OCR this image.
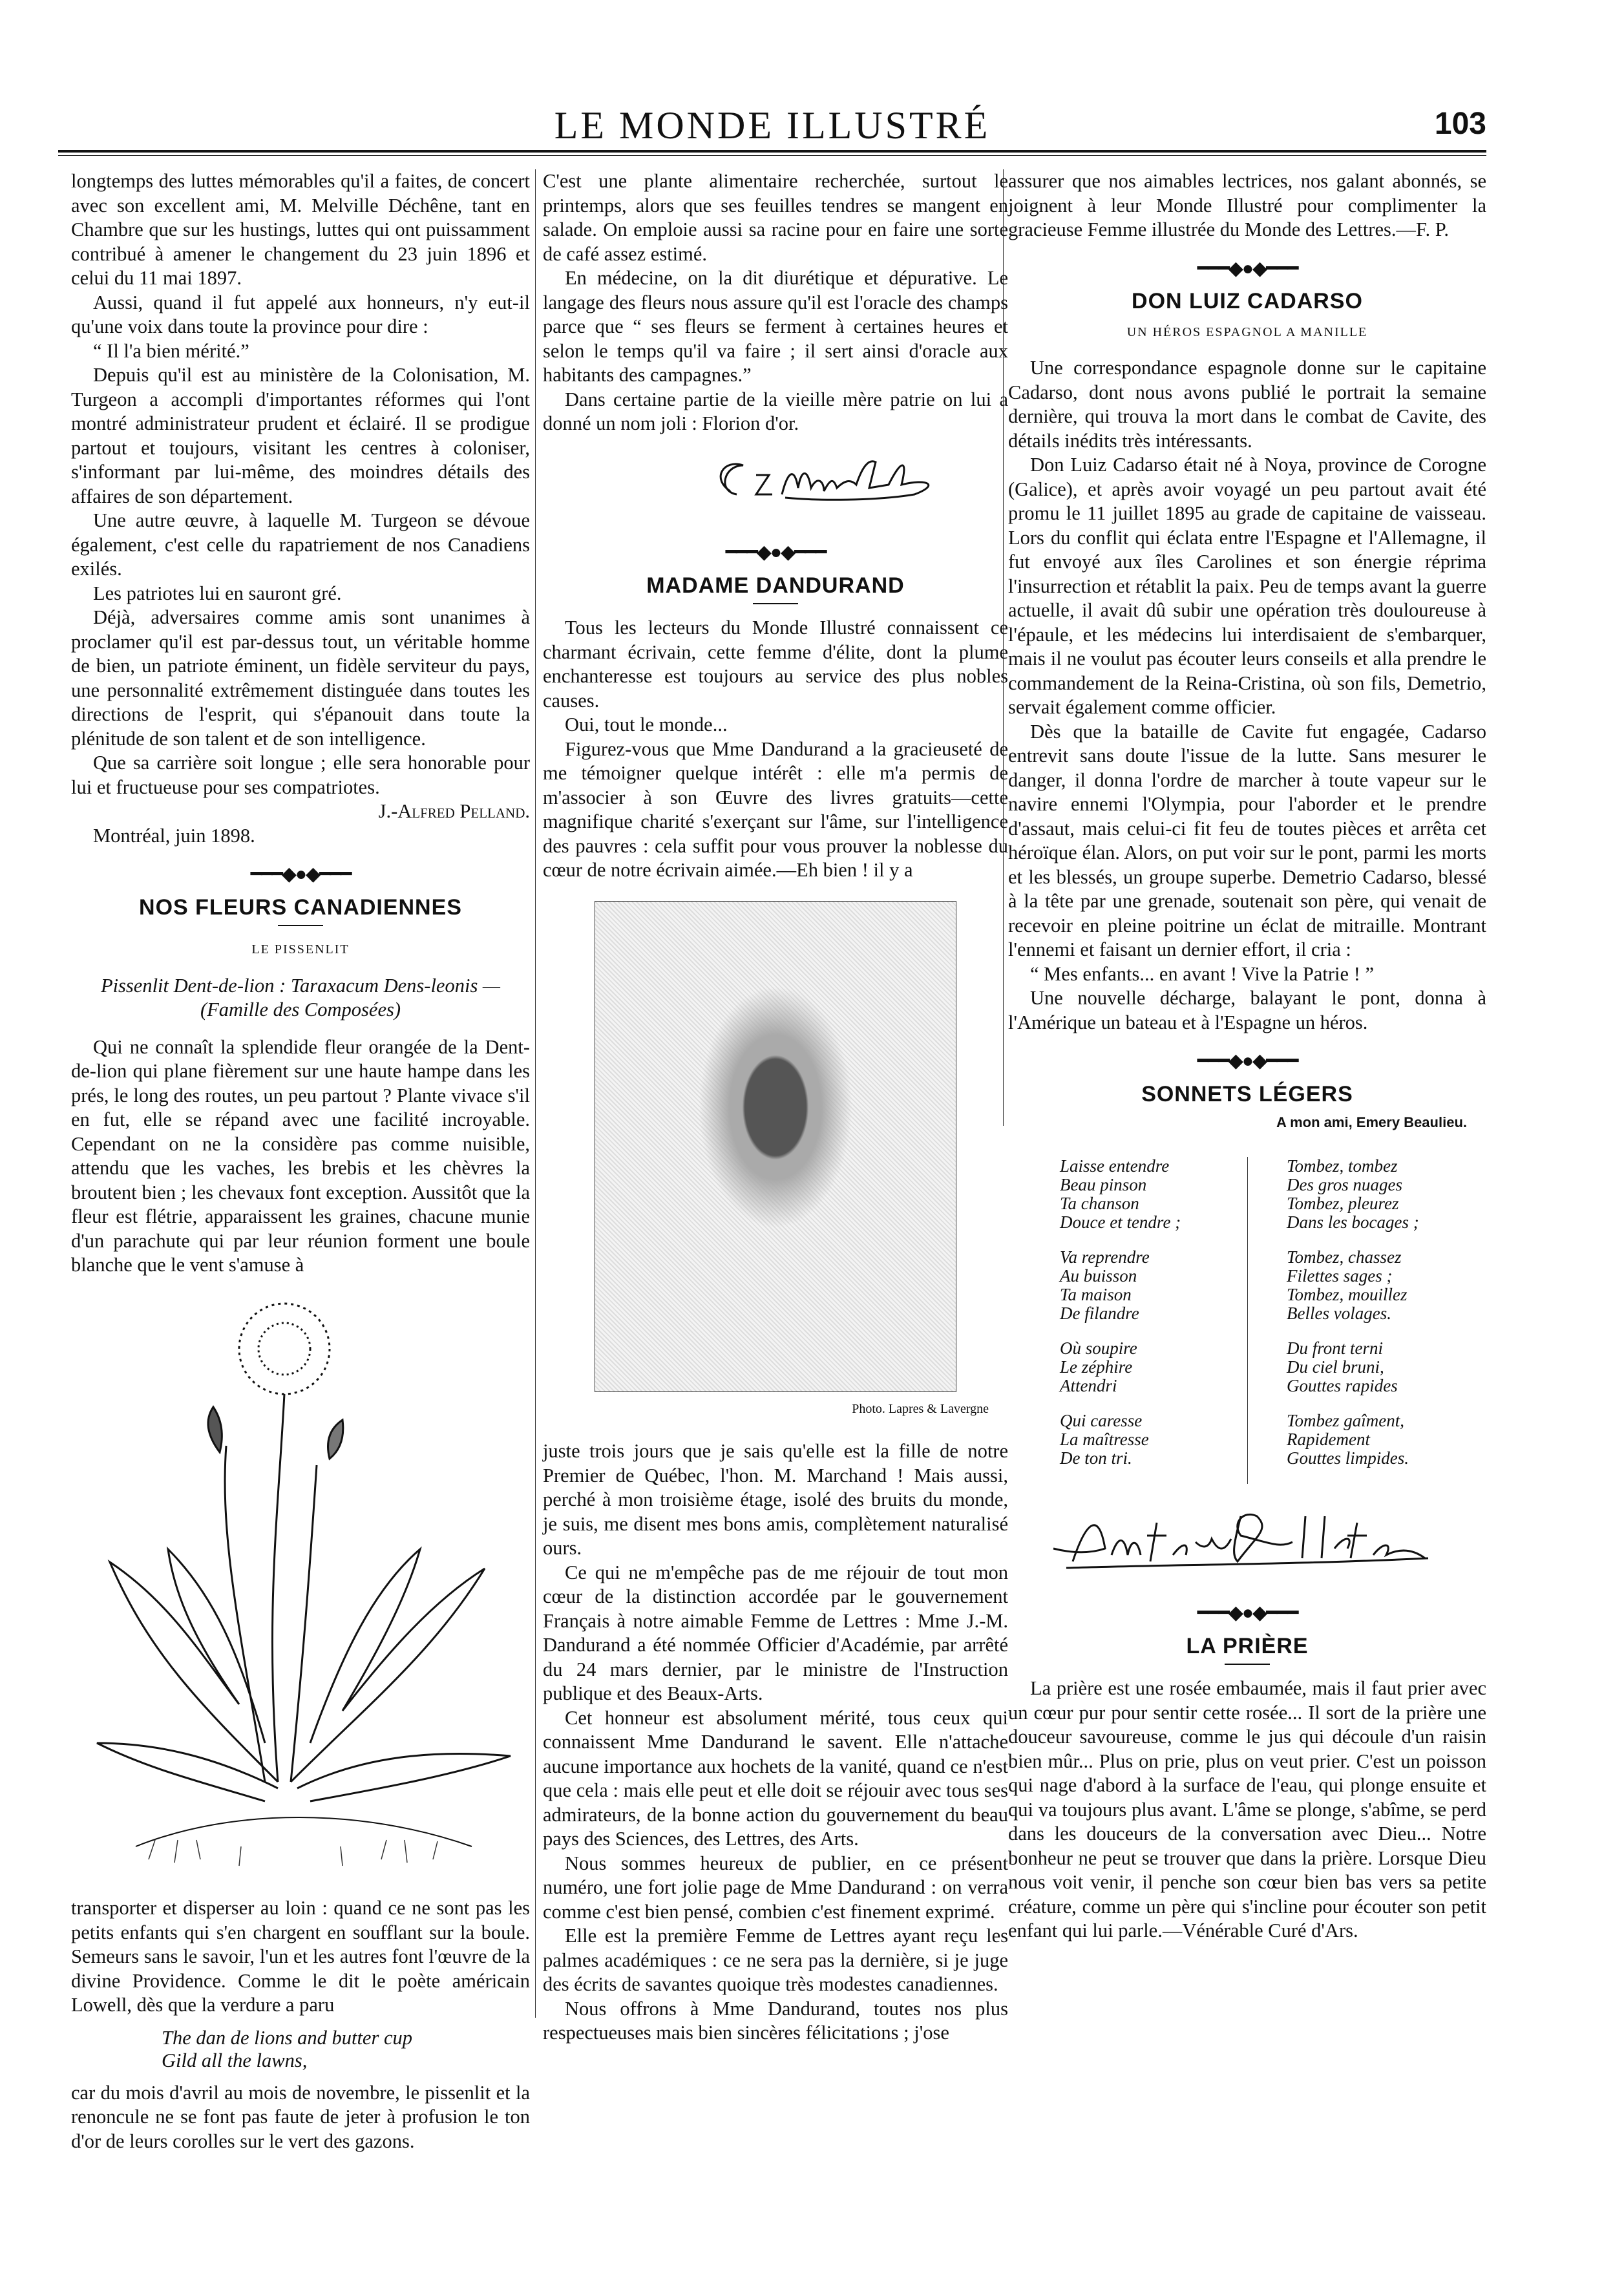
LE MONDE ILLUSTRÉ	103

longtemps des luttes mémorables qu'il a faites, de concert avec son excellent ami, M. Melville Déchêne, tant en Chambre que sur les hustings, luttes qui ont puissamment contribué à amener le changement du 23 juin 1896 et celui du 11 mai 1897.

Aussi, quand il fut appelé aux honneurs, n'y eut-il qu'une voix dans toute la province pour dire :

“ Il l'a bien mérité.”

Depuis qu'il est au ministère de la Colonisation, M. Turgeon a accompli d'importantes réformes qui l'ont montré administrateur prudent et éclairé. Il se prodigue partout et toujours, visitant les centres à coloniser, s'informant par lui-même, des moindres détails des affaires de son département.

Une autre œuvre, à laquelle M. Turgeon se dévoue également, c'est celle du rapatriement de nos Canadiens exilés.

Les patriotes lui en sauront gré.

Déjà, adversaires comme amis sont unanimes à proclamer qu'il est par-dessus tout, un véritable homme de bien, un patriote éminent, un fidèle serviteur du pays, une personnalité extrêmement distinguée dans toutes les directions de l'esprit, qui s'épanouit dans toute la plénitude de son talent et de son intelligence.

Que sa carrière soit longue ; elle sera honorable pour lui et fructueuse pour ses compatriotes.

J.-Alfred Pelland.
Montréal, juin 1898.
━━━◆●◆━━━
NOS FLEURS CANADIENNES
LE PISSENLIT
Pissenlit Dent-de-lion : Taraxacum Dens-leonis —
(Famille des Composées)

Qui ne connaît la splendide fleur orangée de la Dent-de-lion qui plane fièrement sur une haute hampe dans les prés, le long des routes, un peu partout ? Plante vivace s'il en fut, elle se répand avec une facilité incroyable. Cependant on ne la considère pas comme nuisible, attendu que les vaches, les brebis et les chèvres la broutent bien ; les chevaux font exception. Aussitôt que la fleur est flétrie, apparaissent les graines, chacune munie d'un parachute qui par leur réunion forment une boule blanche que le vent s'amuse à

transporter et disperser au loin : quand ce ne sont pas les petits enfants qui s'en chargent en soufflant sur la boule. Semeurs sans le savoir, l'un et les autres font l'œuvre de la divine Providence. Comme le dit le poète américain Lowell, dès que la verdure a paru

The dan de lions and butter cup
Gild all the lawns,

car du mois d'avril au mois de novembre, le pissenlit et la renoncule ne se font pas faute de jeter à profusion le ton d'or de leurs corolles sur le vert des gazons.

C'est une plante alimentaire recherchée, surtout le printemps, alors que ses feuilles tendres se mangent en salade. On emploie aussi sa racine pour en faire une sorte de café assez estimé.

En médecine, on la dit diurétique et dépurative. Le langage des fleurs nous assure qu'il est l'oracle des champs parce que “ ses fleurs se ferment à certaines heures et selon le temps qu'il va faire ; il sert ainsi d'oracle aux habitants des campagnes.”

Dans certaine partie de la vieille mère patrie on lui a donné un nom joli : Florion d'or.

━━━◆●◆━━━
MADAME DANDURAND

Tous les lecteurs du Monde Illustré connaissent ce charmant écrivain, cette femme d'élite, dont la plume enchanteresse est toujours au service des plus nobles causes.

Oui, tout le monde...

Figurez-vous que Mme Dandurand a la gracieuseté de me témoigner quelque intérêt : elle m'a permis de m'associer à son Œuvre des livres gratuits—cette magnifique charité s'exerçant sur l'âme, sur l'intelligence des pauvres : cela suffit pour vous prouver la noblesse du cœur de notre écrivain aimée.—Eh bien ! il y a

Photo. Lapres & Lavergne

juste trois jours que je sais qu'elle est la fille de notre Premier de Québec, l'hon. M. Marchand ! Mais aussi, perché à mon troisième étage, isolé des bruits du monde, je suis, me disent mes bons amis, complètement naturalisé ours.

Ce qui ne m'empêche pas de me réjouir de tout mon cœur de la distinction accordée par le gouvernement Français à notre aimable Femme de Lettres : Mme J.-M. Dandurand a été nommée Officier d'Académie, par arrêté du 24 mars dernier, par le ministre de l'Instruction publique et des Beaux-Arts.

Cet honneur est absolument mérité, tous ceux qui connaissent Mme Dandurand le savent. Elle n'attache aucune importance aux hochets de la vanité, quand ce n'est que cela : mais elle peut et elle doit se réjouir avec tous ses admirateurs, de la bonne action du gouvernement du beau pays des Sciences, des Lettres, des Arts.

Nous sommes heureux de publier, en ce présent numéro, une fort jolie page de Mme Dandurand : on verra comme c'est bien pensé, combien c'est finement exprimé.

Elle est la première Femme de Lettres ayant reçu les palmes académiques : ce ne sera pas la dernière, si je juge des écrits de savantes quoique très modestes canadiennes.

Nous offrons à Mme Dandurand, toutes nos plus respectueuses mais bien sincères félicitations ; j'ose

assurer que nos aimables lectrices, nos galant abonnés, se joignent à leur Monde Illustré pour complimenter la gracieuse Femme illustrée du Monde des Lettres.—F. P.

━━━◆●◆━━━
DON LUIZ CADARSO
UN HÉROS ESPAGNOL A MANILLE

Une correspondance espagnole donne sur le capitaine Cadarso, dont nous avons publié le portrait la semaine dernière, qui trouva la mort dans le combat de Cavite, des détails inédits très intéressants.

Don Luiz Cadarso était né à Noya, province de Corogne (Galice), et après avoir voyagé un peu partout avait été promu le 11 juillet 1895 au grade de capitaine de vaisseau. Lors du conflit qui éclata entre l'Espagne et l'Allemagne, il fut envoyé aux îles Carolines et son énergie réprima l'insurrection et rétablit la paix. Peu de temps avant la guerre actuelle, il avait dû subir une opération très douloureuse à l'épaule, et les médecins lui interdisaient de s'embarquer, mais il ne voulut pas écouter leurs conseils et alla prendre le commandement de la Reina-Cristina, où son fils, Demetrio, servait également comme officier.

Dès que la bataille de Cavite fut engagée, Cadarso entrevit sans doute l'issue de la lutte. Sans mesurer le danger, il donna l'ordre de marcher à toute vapeur sur le navire ennemi l'Olympia, pour l'aborder et le prendre d'assaut, mais celui-ci fit feu de toutes pièces et arrêta cet héroïque élan. Alors, on put voir sur le pont, parmi les morts et les blessés, un groupe superbe. Demetrio Cadarso, blessé à la tête par une grenade, soutenait son père, qui venait de recevoir en pleine poitrine un éclat de mitraille. Montrant l'ennemi et faisant un dernier effort, il cria :

“ Mes enfants... en avant ! Vive la Patrie ! ”

Une nouvelle décharge, balayant le pont, donna à l'Amérique un bateau et à l'Espagne un héros.

━━━◆●◆━━━
SONNETS LÉGERS
A mon ami, Emery Beaulieu.
Laisse entendre
Beau pinson
Ta chanson
Douce et tendre ;
Va reprendre
Au buisson
Ta maison
De filandre
Où soupire
Le zéphire
Attendri
Qui caresse
La maîtresse
De ton tri.
Tombez, tombez
Des gros nuages
Tombez, pleurez
Dans les bocages ;
Tombez, chassez
Filettes sages ;
Tombez, mouillez
Belles volages.
Du front terni
Du ciel bruni,
Gouttes rapides
Tombez gaîment,
Rapidement
Gouttes limpides.
━━━◆●◆━━━
LA PRIÈRE

La prière est une rosée embaumée, mais il faut prier avec un cœur pur pour sentir cette rosée... Il sort de la prière une douceur savoureuse, comme le jus qui découle d'un raisin bien mûr... Plus on prie, plus on veut prier. C'est un poisson qui nage d'abord à la surface de l'eau, qui plonge ensuite et qui va toujours plus avant. L'âme se plonge, s'abîme, se perd dans les douceurs de la conversation avec Dieu... Notre bonheur ne peut se trouver que dans la prière. Lorsque Dieu nous voit venir, il penche son cœur bien bas vers sa petite créature, comme un père qui s'incline pour écouter son petit enfant qui lui parle.—Vénérable Curé d'Ars.
